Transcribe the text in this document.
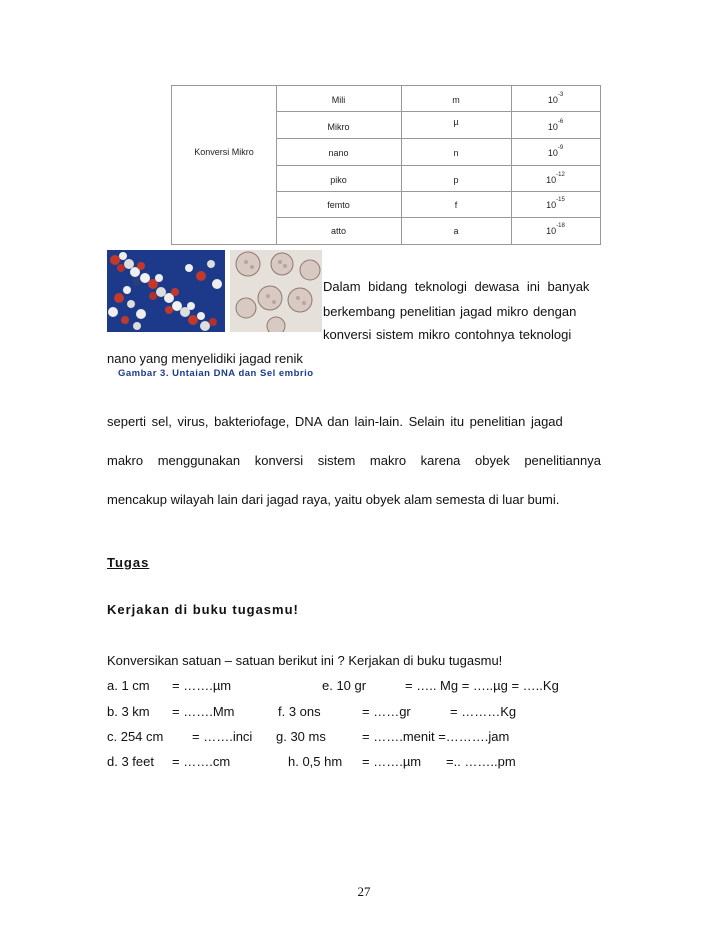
Konversi Mikro
Mili	m	$10^{-3}$
Mikro	µ	$10^{-6}$
nano	n	$10^{-9}$
piko	p	$10^{-12}$
femto	f	$10^{-15}$
atto	a	$10^{-18}$
Dalam bidang teknologi dewasa ini banyak
berkembang penelitian jagad mikro dengan
konversi sistem mikro contohnya teknologi
nano yang menyelidiki jagad renik
Gambar 3. Untaian DNA dan Sel embrio
seperti sel, virus, bakteriofage, DNA dan lain-lain. Selain itu penelitian jagad
makro menggunakan konversi sistem makro karena obyek penelitiannya
mencakup wilayah lain dari jagad raya, yaitu obyek alam semesta di luar bumi.
Tugas
Kerjakan di buku tugasmu!
Konversikan satuan – satuan berikut ini ? Kerjakan di buku tugasmu!
a. 1 cm = …….µm	e. 10 gr	= ….. Mg = …..µg = …..Kg
b. 3 km = …….Mm	f. 3 ons	= ……gr	= ………Kg
c. 254 cm = …….inci g. 30 ms	= …….menit =……….jam
d. 3 feet = …….cm	h. 0,5 hm = …….µm =.. ……..pm
27
